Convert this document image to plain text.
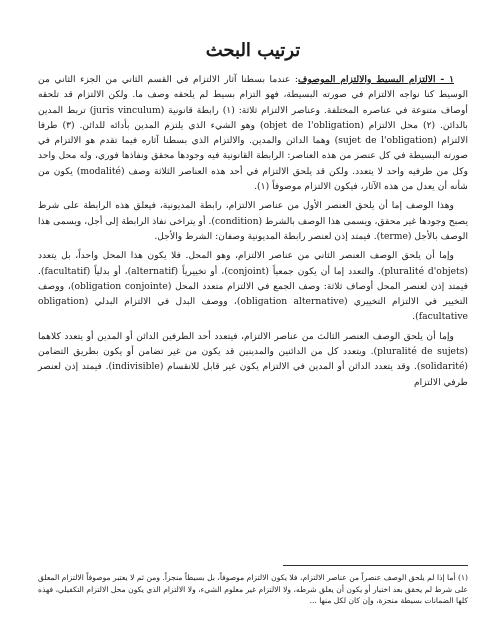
ترتيب البحث

١ - الالتزام البسيط والالتزام الموصوف: عندما بسطنا آثار الالتزام في القسم الثاني من الجزء الثاني من الوسيط كنا نواجه الالتزام في صورته البسيطة، فهو التزام بسيط لم يلحقه وصف ما. ولكن الالتزام قد تلحقه أوصاف متنوعة في عناصره المختلفة. وعناصر الالتزام ثلاثة: (١) رابطة قانونية (juris vinculum) تربط المدين بالدائن. (٢) محل الالتزام (objet de l'obligation) وهو الشيء الذي يلتزم المدين بأدائه للدائن. (٣) طرفا الالتزام (sujet de l'obligation) وهما الدائن والمدين. والالتزام الذي بسطنا آثاره فيما تقدم هو الالتزام في صورته البسيطة في كل عنصر من هذه العناصر: الرابطة القانونية فيه وجودها محقق ونفاذها فوري، وله محل واحد وكل من طرفيه واحد لا يتعدد. ولكن قد يلحق الالتزام في أحد هذه العناصر الثلاثة وصف (modalité) يكون من شأنه أن يعدل من هذه الآثار، فيكون الالتزام موصوفاً (١).

وهذا الوصف إما أن يلحق العنصر الأول من عناصر الالتزام، رابطة المديونية، فيعلق هذه الرابطة على شرط يصبح وجودها غير محقق، ويسمى هذا الوصف بالشرط (condition). أو يتراخى نفاذ الرابطة إلى أجل، ويسمى هذا الوصف بالأجل (terme). فيمتد إذن لعنصر رابطة المديونية وصفان: الشرط والأجل.

وإما أن يلحق الوصف العنصر الثاني من عناصر الالتزام، وهو المحل. فلا يكون هذا المحل واحداً، بل يتعدد (pluralité d'objets). والتعدد إما أن يكون جمعياً (conjoint)، أو تخييرياً (alternatif)، أو بدلياً (facultatif). فيمتد إذن لعنصر المحل أوصاف ثلاثة: وصف الجمع في الالتزام متعدد المحل (obligation conjointe)، ووصف التخيير في الالتزام التخييري (obligation alternative)، ووصف البدل في الالتزام البدلي (obligation facultative).

وإما أن يلحق الوصف العنصر الثالث من عناصر الالتزام، فيتعدد أحد الطرفين الدائن أو المدين أو يتعدد كلاهما (pluralité de sujets). ويتعدد كل من الدائنين والمدينين قد يكون من غير تضامن أو يكون بطريق التضامن (solidarité). وقد يتعدد الدائن أو المدين في الالتزام يكون غير قابل للانقسام (indivisible). فيمتد إذن لعنصر طرفي الالتزام

(١) أما إذا لم يلحق الوصف عنصراً من عناصر الالتزام، فلا يكون الالتزام موصوفاً، بل بسيطاً منجزاً. ومن ثم لا يعتبر موصوفاً الالتزام المعلق على شرط لم يحقق بعد اختيار أو يكون أن يعلق شرطه، ولا الالتزام غير معلوم الشيء، ولا الالتزام الذي يكون محل الالتزام التكفيلي، فهذه كلها الضمانات بسيطة منجزة، وإن كان لكل منها ...
